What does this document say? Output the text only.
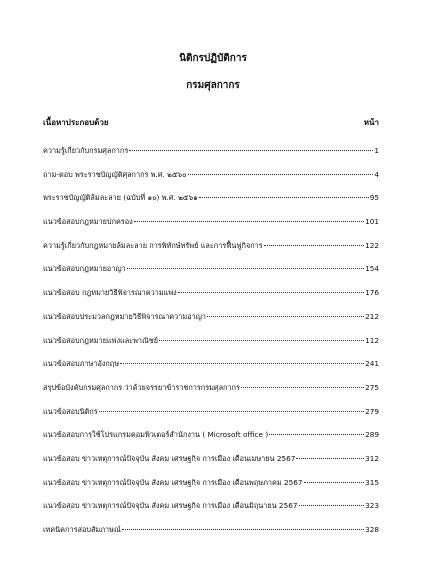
นิติกรปฏิบัติการ
กรมศุลกากร
เนื้อหาประกอบด้วย	หน้า
ความรู้เกี่ยวกับกรมศุลกากร	1
ถาม-ตอบ พระราชบัญญัติศุลกากร พ.ศ. ๒๕๖๐	4
พระราชบัญญัติล้มละลาย (ฉบับที่ ๑๐) พ.ศ. ๒๕๖๑	95
แนวข้อสอบกฎหมายปกครอง	101
ความรู้เกี่ยวกับกฎหมายล้มละลาย การพิทักษ์ทรัพย์ และการฟื้นฟูกิจการ	122
แนวข้อสอบกฎหมายอาญา	154
แนวข้อสอบ กฎหมายวิธีพิจารณาความแพ่ง	176
แนวข้อสอบประมวลกฎหมายวิธีพิจารณาความอาญา	212
แนวข้อสอบกฎหมายแพ่งและพาณิชย์	112
แนวข้อสอบภาษาอังกฤษ	241
สรุปข้อบังคับกรมศุลกากร ว่าด้วยจรรยาข้าราชการกรมศุลกากร	275
แนวข้อสอบนิติกร	279
แนวข้อสอบการใช้โปรแกรมคอมพิวเตอร์สำนักงาน ( Microsoft office )	289
แนวข้อสอบ ข่าวเหตุการณ์ปัจจุบัน สังคม เศรษฐกิจ การเมือง เดือนเมษายน 2567	312
แนวข้อสอบ ข่าวเหตุการณ์ปัจจุบัน สังคม เศรษฐกิจ การเมือง เดือนพฤษภาคม 2567	315
แนวข้อสอบ ข่าวเหตุการณ์ปัจจุบัน สังคม เศรษฐกิจ การเมือง เดือนมิถุนายน 2567	323
เทคนิคการสอบสัมภาษณ์	328
